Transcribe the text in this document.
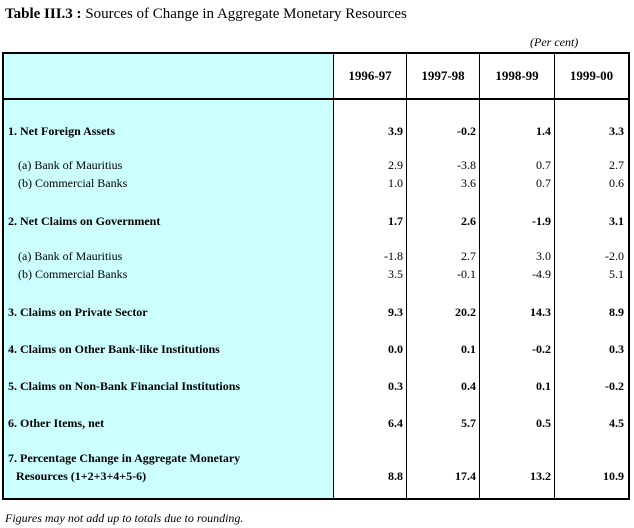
Table III.3 : Sources of Change in Aggregate Monetary Resources
(Per cent)
1996-97	1997-98	1998-99	1999-00
1. Net Foreign Assets	3.9	-0.2	1.4	3.3
(a) Bank of Mauritius	2.9	-3.8	0.7	2.7
(b) Commercial Banks	1.0	3.6	0.7	0.6
2. Net Claims on Government	1.7	2.6	-1.9	3.1
(a) Bank of Mauritius	-1.8	2.7	3.0	-2.0
(b) Commercial Banks	3.5	-0.1	-4.9	5.1
3. Claims on Private Sector	9.3	20.2	14.3	8.9
4. Claims on Other Bank-like Institutions	0.0	0.1	-0.2	0.3
5. Claims on Non-Bank Financial Institutions	0.3	0.4	0.1	-0.2
6. Other Items, net	6.4	5.7	0.5	4.5
7. Percentage Change in Aggregate Monetary
Resources (1+2+3+4+5-6)	8.8	17.4	13.2	10.9
Figures may not add up to totals due to rounding.
